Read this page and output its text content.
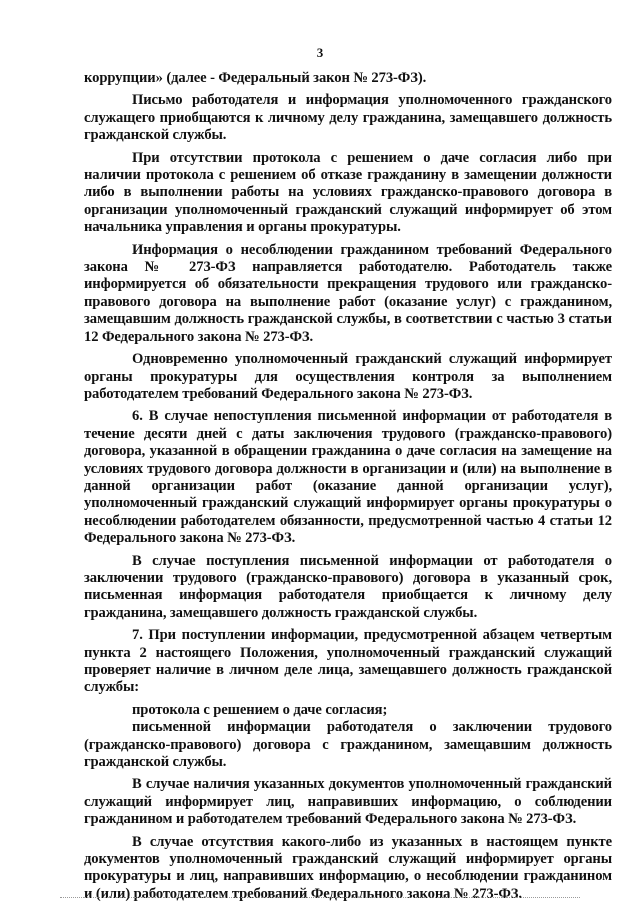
3

коррупции» (далее - Федеральный закон № 273-ФЗ).

Письмо работодателя и информация уполномоченного гражданского служащего приобщаются к личному делу гражданина, замещавшего должность гражданской службы.

При отсутствии протокола с решением о даче согласия либо при наличии протокола с решением об отказе гражданину в замещении должности либо в выполнении работы на условиях гражданско-правового договора в организации уполномоченный гражданский служащий информирует об этом начальника управления и органы прокуратуры.

Информация о несоблюдении гражданином требований Федерального закона № 273-ФЗ направляется работодателю. Работодатель также информируется об обязательности прекращения трудового или гражданско-правового договора на выполнение работ (оказание услуг) с гражданином, замещавшим должность гражданской службы, в соответствии с частью 3 статьи 12 Федерального закона № 273-ФЗ.

Одновременно уполномоченный гражданский служащий информирует органы прокуратуры для осуществления контроля за выполнением работодателем требований Федерального закона № 273-ФЗ.

6. В случае непоступления письменной информации от работодателя в течение десяти дней с даты заключения трудового (гражданско-правового) договора, указанной в обращении гражданина о даче согласия на замещение на условиях трудового договора должности в организации и (или) на выполнение в данной организации работ (оказание данной организации услуг), уполномоченный гражданский служащий информирует органы прокуратуры о несоблюдении работодателем обязанности, предусмотренной частью 4 статьи 12 Федерального закона № 273-ФЗ.

В случае поступления письменной информации от работодателя о заключении трудового (гражданско-правового) договора в указанный срок, письменная информация работодателя приобщается к личному делу гражданина, замещавшего должность гражданской службы.

7. При поступлении информации, предусмотренной абзацем четвертым пункта 2 настоящего Положения, уполномоченный гражданский служащий проверяет наличие в личном деле лица, замещавшего должность гражданской службы:

протокола с решением о даче согласия;

письменной информации работодателя о заключении трудового (гражданско-правового) договора с гражданином, замещавшим должность гражданской службы.

В случае наличия указанных документов уполномоченный гражданский служащий информирует лиц, направивших информацию, о соблюдении гражданином и работодателем требований Федерального закона № 273-ФЗ.

В случае отсутствия какого-либо из указанных в настоящем пункте документов уполномоченный гражданский служащий информирует органы прокуратуры и лиц, направивших информацию, о несоблюдении гражданином и (или) работодателем требований Федерального закона № 273-ФЗ.
